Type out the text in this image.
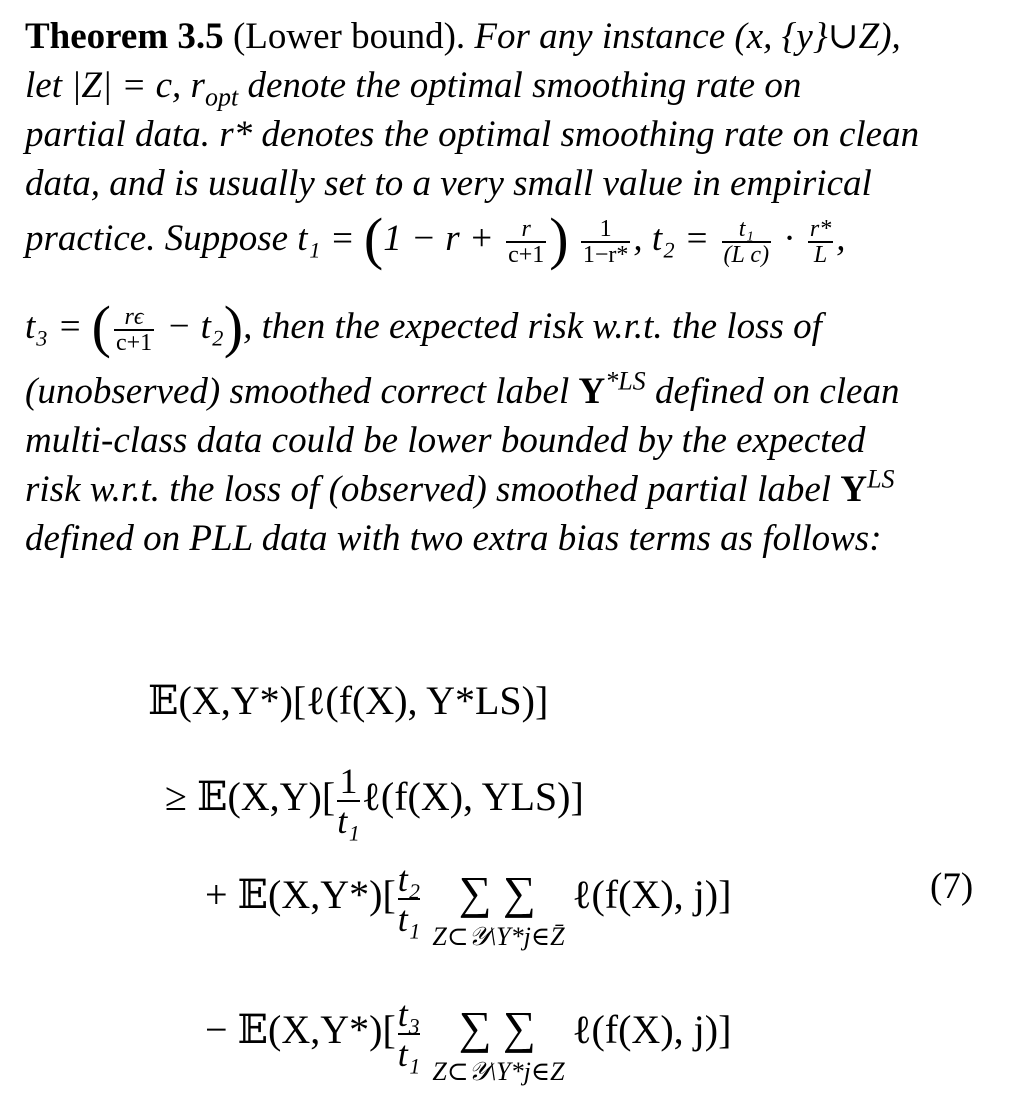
Theorem 3.5 (Lower bound). For any instance (x, {y}∪Z),
let |Z| = c, $r_{opt}$ denote the optimal smoothing rate on
partial data. r* denotes the optimal smoothing rate on clean
data, and is usually set to a very small value in empirical
practice. Suppose $t_1 = (1 - r + \frac{r}{c+1}$ ) $\frac{1}{1-r*}$ , $t_2 = \frac{\text{t₁}}{\text{(L c)}} \cdot \frac{r*}{L}$ ,
t₃ = ( $\frac{r\epsilon}{c+1} - t_2$), then the expected risk w.r.t. the loss of
(unobserved) smoothed correct label $Y^{*LS}$ defined on clean
multi-class data could be lower bounded by the expected
risk w.r.t. the loss of (observed) smoothed partial label $Y^{LS}$
defined on PLL data with two extra bias terms as follows:
𝔼(X,Y*)[ℓ(f(X), Y*LS)]
≥ 𝔼(X,Y)[ $\frac{1}{\text{t₁}}$ ℓ(f(X), YLS)]
+ 𝔼(X,Y*)[ $\frac{\text{t₂}}{\text{t₁}}$ ∑ ∑
Z⊂𝒴\Y*j∈Z̄
ℓ(f(X), j)]	(7)
− 𝔼(X,Y*)[ $\frac{\text{t₃}}{\text{t₁}}$ ∑ ∑
Z⊂𝒴\Y*j∈Z
ℓ(f(X), j)]
